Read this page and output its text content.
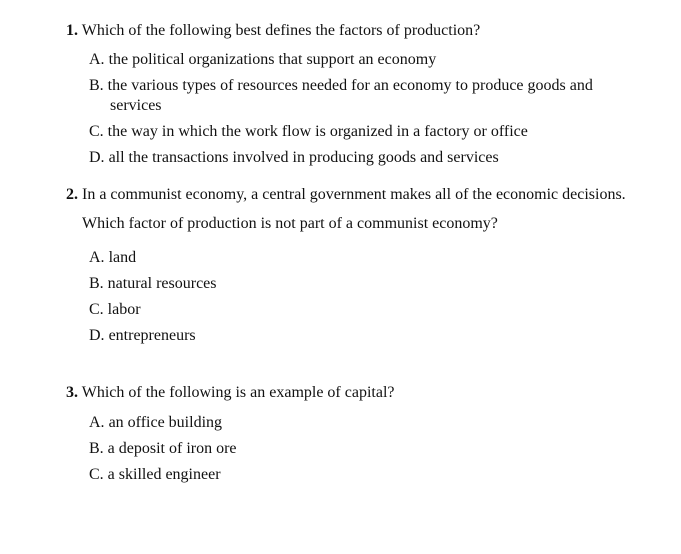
1. Which of the following best defines the factors of production?
A. the political organizations that support an economy
B. the various types of resources needed for an economy to produce goods and services
C. the way in which the work flow is organized in a factory or office
D. all the transactions involved in producing goods and services
2. In a communist economy, a central government makes all of the economic decisions.
Which factor of production is not part of a communist economy?
A. land
B. natural resources
C. labor
D. entrepreneurs
3. Which of the following is an example of capital?
A. an office building
B. a deposit of iron ore
C. a skilled engineer
